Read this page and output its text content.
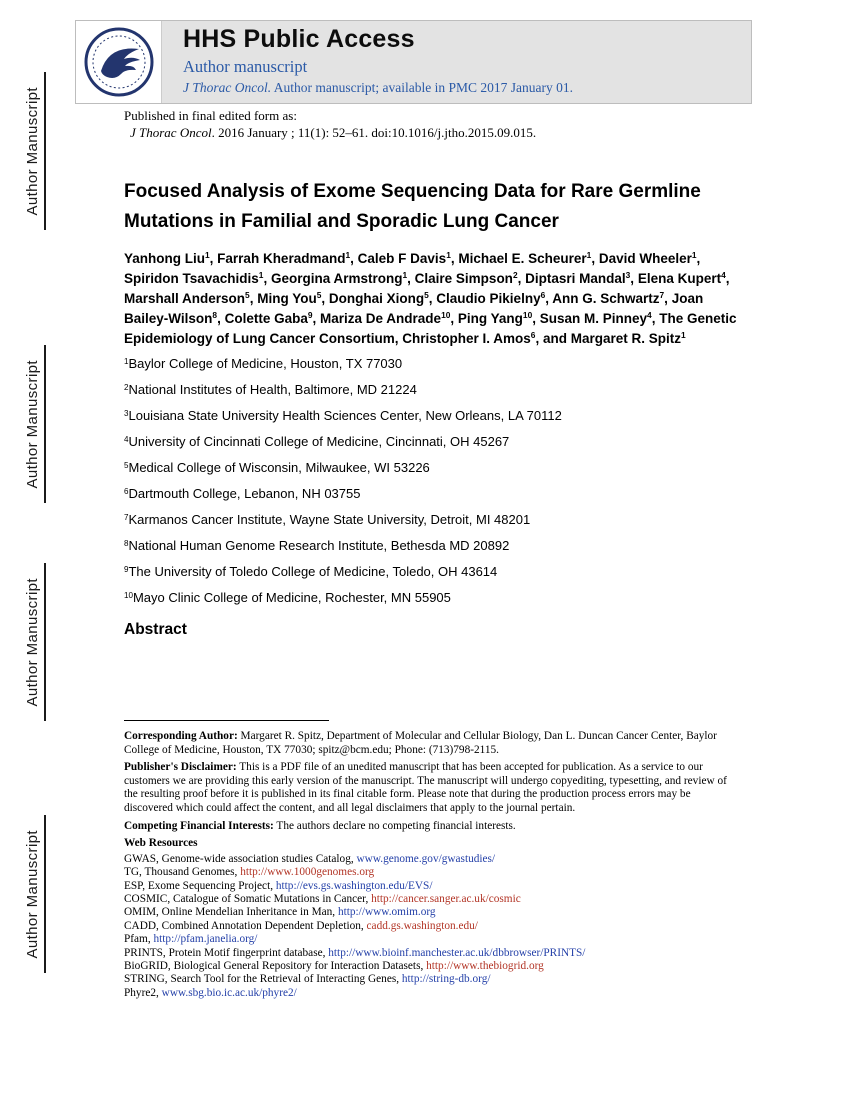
Author Manuscript
Author Manuscript
Author Manuscript
Author Manuscript
HHS Public Access
Author manuscript
J Thorac Oncol. Author manuscript; available in PMC 2017 January 01.
Published in final edited form as:
J Thorac Oncol. 2016 January ; 11(1): 52–61. doi:10.1016/j.jtho.2015.09.015.
Focused Analysis of Exome Sequencing Data for Rare Germline
Mutations in Familial and Sporadic Lung Cancer
Yanhong Liu$^1$, Farrah Kheradmand$^1$, Caleb F Davis$^1$, Michael E. Scheurer$^1$, David Wheeler$^1$, Spiridon Tsavachidis$^1$, Georgina Armstrong$^1$, Claire Simpson$^2$, Diptasri Mandal$^3$, Elena Kupert$^4$, Marshall Anderson$^5$, Ming You$^5$, Donghai Xiong$^5$, Claudio Pikielny$^6$, Ann G. Schwartz$^7$, Joan Bailey-Wilson$^8$, Colette Gaba$^9$, Mariza De Andrade$^{10}$, Ping Yang$^{10}$, Susan M. Pinney$^4$, The Genetic Epidemiology of Lung Cancer Consortium, Christopher I. Amos$^6$, and Margaret R. Spitz$^1$
$^1$Baylor College of Medicine, Houston, TX 77030
$^2$National Institutes of Health, Baltimore, MD 21224
$^3$Louisiana State University Health Sciences Center, New Orleans, LA 70112
$^4$University of Cincinnati College of Medicine, Cincinnati, OH 45267
$^5$Medical College of Wisconsin, Milwaukee, WI 53226
$^6$Dartmouth College, Lebanon, NH 03755
$^7$Karmanos Cancer Institute, Wayne State University, Detroit, MI 48201
$^8$National Human Genome Research Institute, Bethesda MD 20892
$^9$The University of Toledo College of Medicine, Toledo, OH 43614
$^{10}$Mayo Clinic College of Medicine, Rochester, MN 55905
Abstract

Corresponding Author: Margaret R. Spitz, Department of Molecular and Cellular Biology, Dan L. Duncan Cancer Center, Baylor College of Medicine, Houston, TX 77030; spitz@bcm.edu; Phone: (713)798-2115.

Publisher's Disclaimer: This is a PDF file of an unedited manuscript that has been accepted for publication. As a service to our customers we are providing this early version of the manuscript. The manuscript will undergo copyediting, typesetting, and review of the resulting proof before it is published in its final citable form. Please note that during the production process errors may be discovered which could affect the content, and all legal disclaimers that apply to the journal pertain.

Competing Financial Interests: The authors declare no competing financial interests.

Web Resources

GWAS, Genome-wide association studies Catalog, www.genome.gov/gwastudies/
TG, Thousand Genomes, http://www.1000genomes.org
ESP, Exome Sequencing Project, http://evs.gs.washington.edu/EVS/
COSMIC, Catalogue of Somatic Mutations in Cancer, http://cancer.sanger.ac.uk/cosmic
OMIM, Online Mendelian Inheritance in Man, http://www.omim.org
CADD, Combined Annotation Dependent Depletion, cadd.gs.washington.edu/
Pfam, http://pfam.janelia.org/
PRINTS, Protein Motif fingerprint database, http://www.bioinf.manchester.ac.uk/dbbrowser/PRINTS/
BioGRID, Biological General Repository for Interaction Datasets, http://www.thebiogrid.org
STRING, Search Tool for the Retrieval of Interacting Genes, http://string-db.org/
Phyre2, www.sbg.bio.ic.ac.uk/phyre2/
